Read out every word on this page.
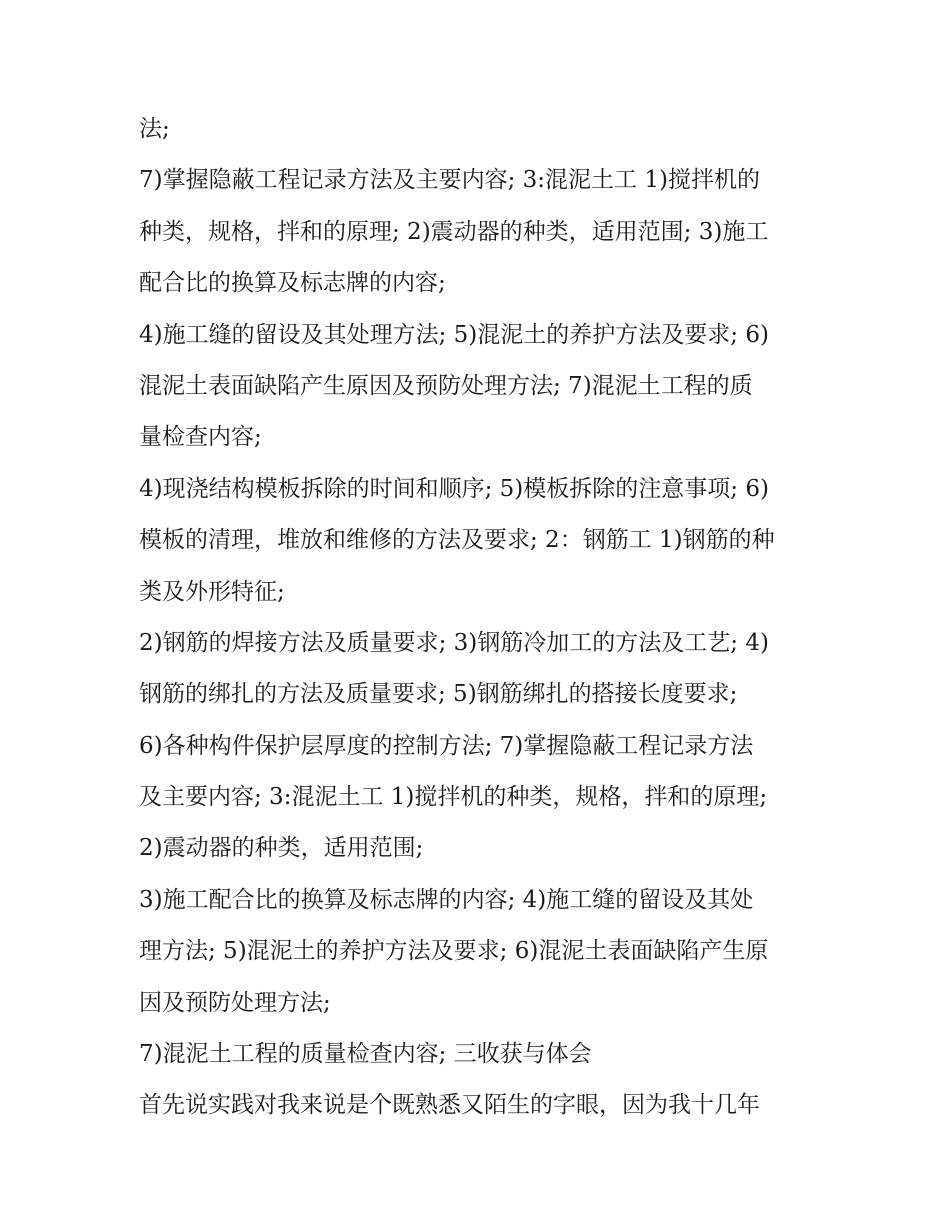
法;
7)掌握隐蔽工程记录方法及主要内容; 3:混泥土工 1)搅拌机的
种类，规格，拌和的原理; 2)震动器的种类，适用范围; 3)施工
配合比的换算及标志牌的内容;
4)施工缝的留设及其处理方法; 5)混泥土的养护方法及要求; 6)
混泥土表面缺陷产生原因及预防处理方法; 7)混泥土工程的质
量检查内容;
4)现浇结构模板拆除的时间和顺序; 5)模板拆除的注意事项; 6)
模板的清理，堆放和维修的方法及要求; 2：钢筋工 1)钢筋的种
类及外形特征;
2)钢筋的焊接方法及质量要求; 3)钢筋冷加工的方法及工艺; 4)
钢筋的绑扎的方法及质量要求; 5)钢筋绑扎的搭接长度要求;
6)各种构件保护层厚度的控制方法; 7)掌握隐蔽工程记录方法
及主要内容; 3:混泥土工 1)搅拌机的种类，规格，拌和的原理;
2)震动器的种类，适用范围;
3)施工配合比的换算及标志牌的内容; 4)施工缝的留设及其处
理方法; 5)混泥土的养护方法及要求; 6)混泥土表面缺陷产生原
因及预防处理方法;
7)混泥土工程的质量检查内容; 三收获与体会
首先说实践对我来说是个既熟悉又陌生的字眼，因为我十几年
